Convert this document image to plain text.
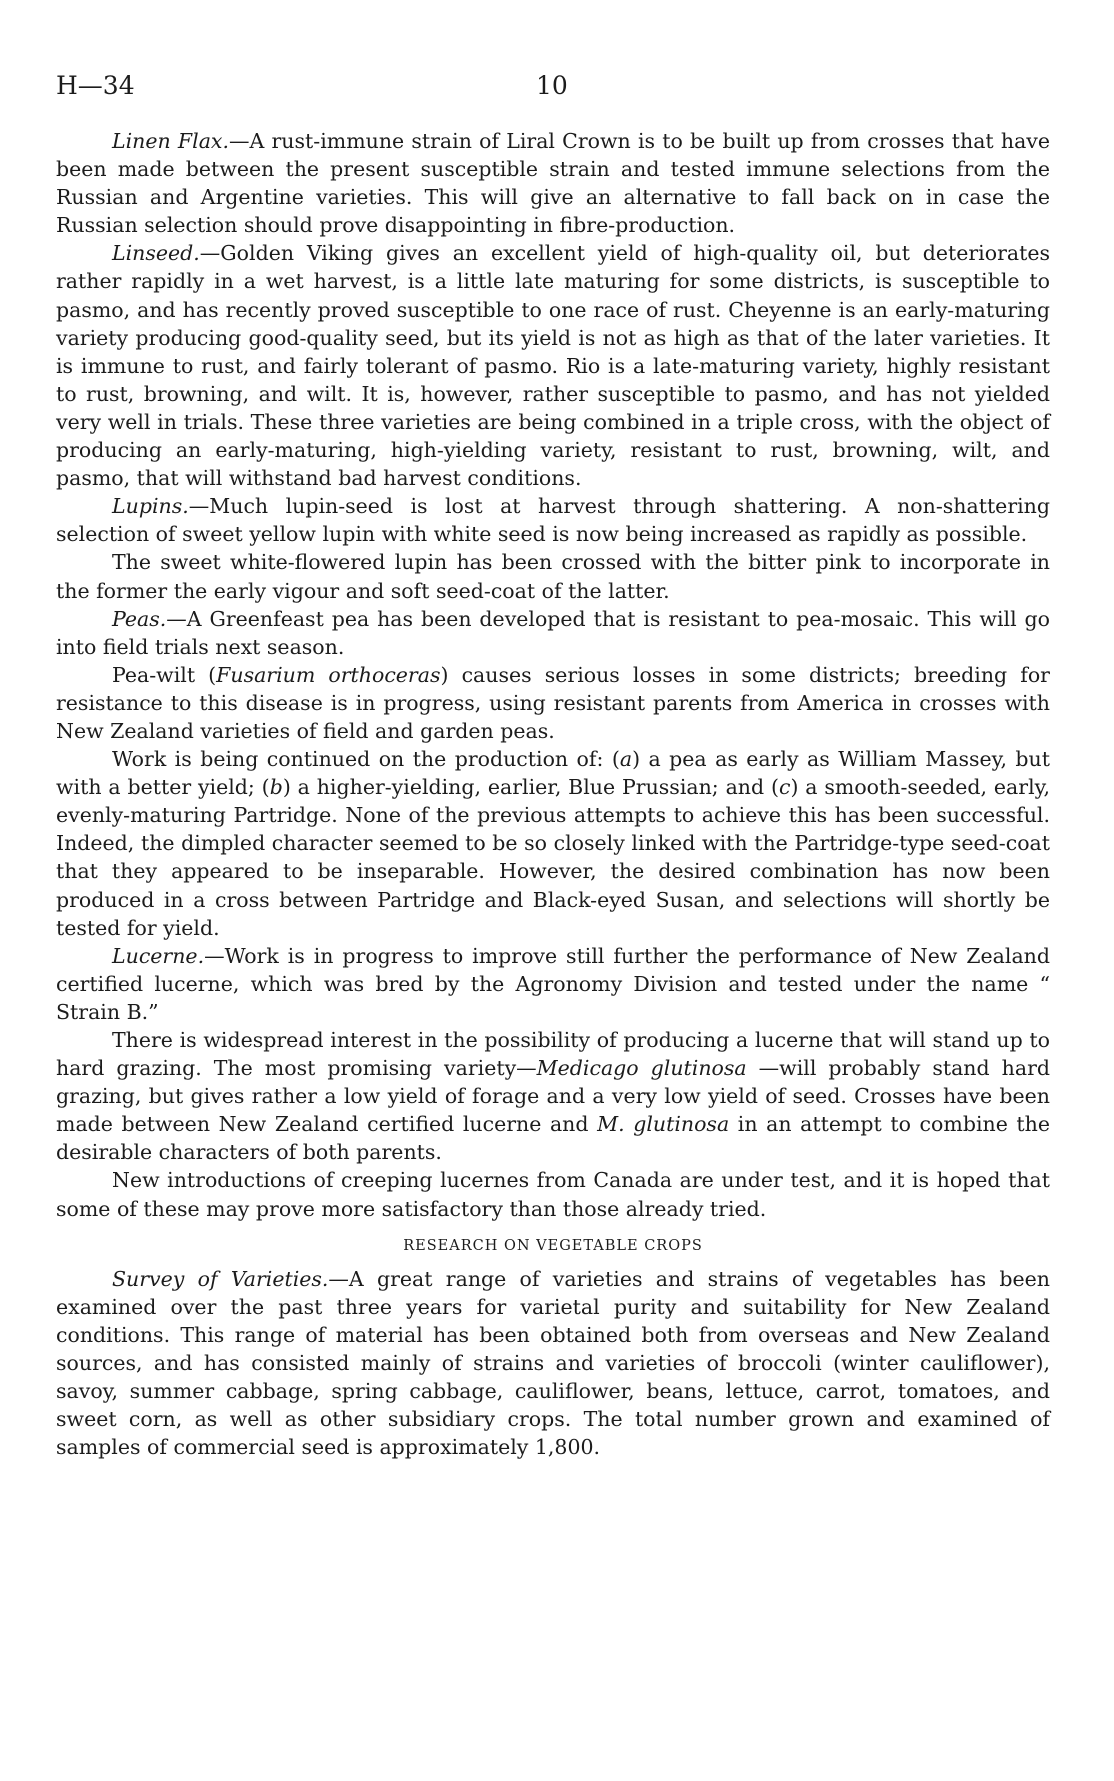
H—34	10

Linen Flax.—A rust-immune strain of Liral Crown is to be built up from crosses that have been made between the present susceptible strain and tested immune selections from the Russian and Argentine varieties. This will give an alternative to fall back on in case the Russian selection should prove disappointing in fibre-production.

Linseed.—Golden Viking gives an excellent yield of high-quality oil, but deteriorates rather rapidly in a wet harvest, is a little late maturing for some districts, is susceptible to pasmo, and has recently proved susceptible to one race of rust. Cheyenne is an early-maturing variety producing good-quality seed, but its yield is not as high as that of the later varieties. It is immune to rust, and fairly tolerant of pasmo. Rio is a late-maturing variety, highly resistant to rust, browning, and wilt. It is, however, rather susceptible to pasmo, and has not yielded very well in trials. These three varieties are being combined in a triple cross, with the object of producing an early-maturing, high-yielding variety, resistant to rust, browning, wilt, and pasmo, that will withstand bad harvest conditions.

Lupins.—Much lupin-seed is lost at harvest through shattering. A non-shattering selection of sweet yellow lupin with white seed is now being increased as rapidly as possible.

The sweet white-flowered lupin has been crossed with the bitter pink to incorporate in the former the early vigour and soft seed-coat of the latter.

Peas.—A Greenfeast pea has been developed that is resistant to pea-mosaic. This will go into field trials next season.

Pea-wilt (Fusarium orthoceras) causes serious losses in some districts; breeding for resistance to this disease is in progress, using resistant parents from America in crosses with New Zealand varieties of field and garden peas.

Work is being continued on the production of: (a) a pea as early as William Massey, but with a better yield; (b) a higher-yielding, earlier, Blue Prussian; and (c) a smooth-seeded, early, evenly-maturing Partridge. None of the previous attempts to achieve this has been successful. Indeed, the dimpled character seemed to be so closely linked with the Partridge-type seed-coat that they appeared to be inseparable. However, the desired combination has now been produced in a cross between Partridge and Black-eyed Susan, and selections will shortly be tested for yield.

Lucerne.—Work is in progress to improve still further the performance of New Zealand certified lucerne, which was bred by the Agronomy Division and tested under the name “ Strain B.”

There is widespread interest in the possibility of producing a lucerne that will stand up to hard grazing. The most promising variety—Medicago glutinosa —will probably stand hard grazing, but gives rather a low yield of forage and a very low yield of seed. Crosses have been made between New Zealand certified lucerne and M. glutinosa in an attempt to combine the desirable characters of both parents.

New introductions of creeping lucernes from Canada are under test, and it is hoped that some of these may prove more satisfactory than those already tried.

RESEARCH ON VEGETABLE CROPS

Survey of Varieties.—A great range of varieties and strains of vegetables has been examined over the past three years for varietal purity and suitability for New Zealand conditions. This range of material has been obtained both from overseas and New Zealand sources, and has consisted mainly of strains and varieties of broccoli (winter cauliflower), savoy, summer cabbage, spring cabbage, cauliflower, beans, lettuce, carrot, tomatoes, and sweet corn, as well as other subsidiary crops. The total number grown and examined of samples of commercial seed is approximately 1,800.
